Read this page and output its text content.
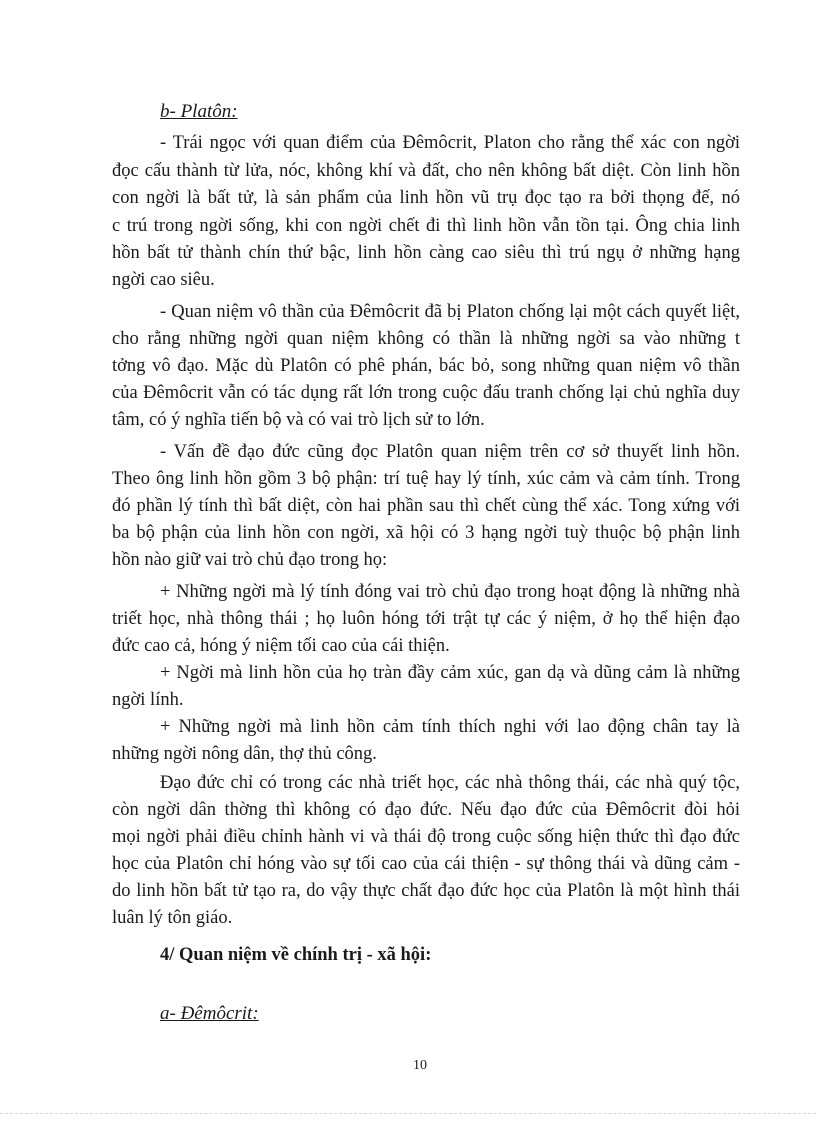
b- Platôn:
- Trái ngọc với quan điểm của Đêmôcrit, Platon cho rằng thể xác con ngời
đọc cấu thành từ lửa, nóc, không khí và đất, cho nên không bất diệt. Còn linh hồn
con ngời là bất tử, là sản phẩm của linh hồn vũ trụ đọc tạo ra bởi thọng đế, nó
c trú trong ngời sống, khi con ngời chết đi thì linh hồn vẫn tồn tại. Ông chia linh
hồn bất tử thành chín thứ bậc, linh hồn càng cao siêu thì trú ngụ ở những hạng
ngời cao siêu.
- Quan niệm vô thần của Đêmôcrit đã bị Platon chống lại một cách quyết liệt,
cho rằng những ngời quan niệm không có thần là những ngời sa vào những t
tởng vô đạo. Mặc dù Platôn có phê phán, bác bỏ, song những quan niệm vô thần
của Đêmôcrit vẫn có tác dụng rất lớn trong cuộc đấu tranh chống lại chủ nghĩa duy
tâm, có ý nghĩa tiến bộ và có vai trò lịch sử to lớn.
- Vấn đề đạo đức cũng đọc Platôn quan niệm trên cơ sở thuyết linh hồn.
Theo ông linh hồn gồm 3 bộ phận: trí tuệ hay lý tính, xúc cảm và cảm tính. Trong
đó phần lý tính thì bất diệt, còn hai phần sau thì chết cùng thể xác. Tong xứng với
ba bộ phận của linh hồn con ngời, xã hội có 3 hạng ngời tuỳ thuộc bộ phận linh
hồn nào giữ vai trò chủ đạo trong họ:
+ Những ngời mà lý tính đóng vai trò chủ đạo trong hoạt động là những nhà
triết học, nhà thông thái ; họ luôn hóng tới trật tự các ý niệm, ở họ thể hiện đạo
đức cao cả, hóng ý niệm tối cao của cái thiện.
+ Ngời mà linh hồn của họ tràn đầy cảm xúc, gan dạ và dũng cảm là những
ngời lính.
+ Những ngời mà linh hồn cảm tính thích nghi với lao động chân tay là
những ngời nông dân, thợ thủ công.
Đạo đức chỉ có trong các nhà triết học, các nhà thông thái, các nhà quý tộc,
còn ngời dân thờng thì không có đạo đức. Nếu đạo đức của Đêmôcrit đòi hỏi
mọi ngời phải điều chỉnh hành vi và thái độ trong cuộc sống hiện thức thì đạo đức
học của Platôn chỉ hóng vào sự tối cao của cái thiện - sự thông thái và dũng cảm -
do linh hồn bất tử tạo ra, do vậy thực chất đạo đức học của Platôn là một hình thái
luân lý tôn giáo.
4/ Quan niệm về chính trị - xã hội:
a- Đêmôcrit:
10
